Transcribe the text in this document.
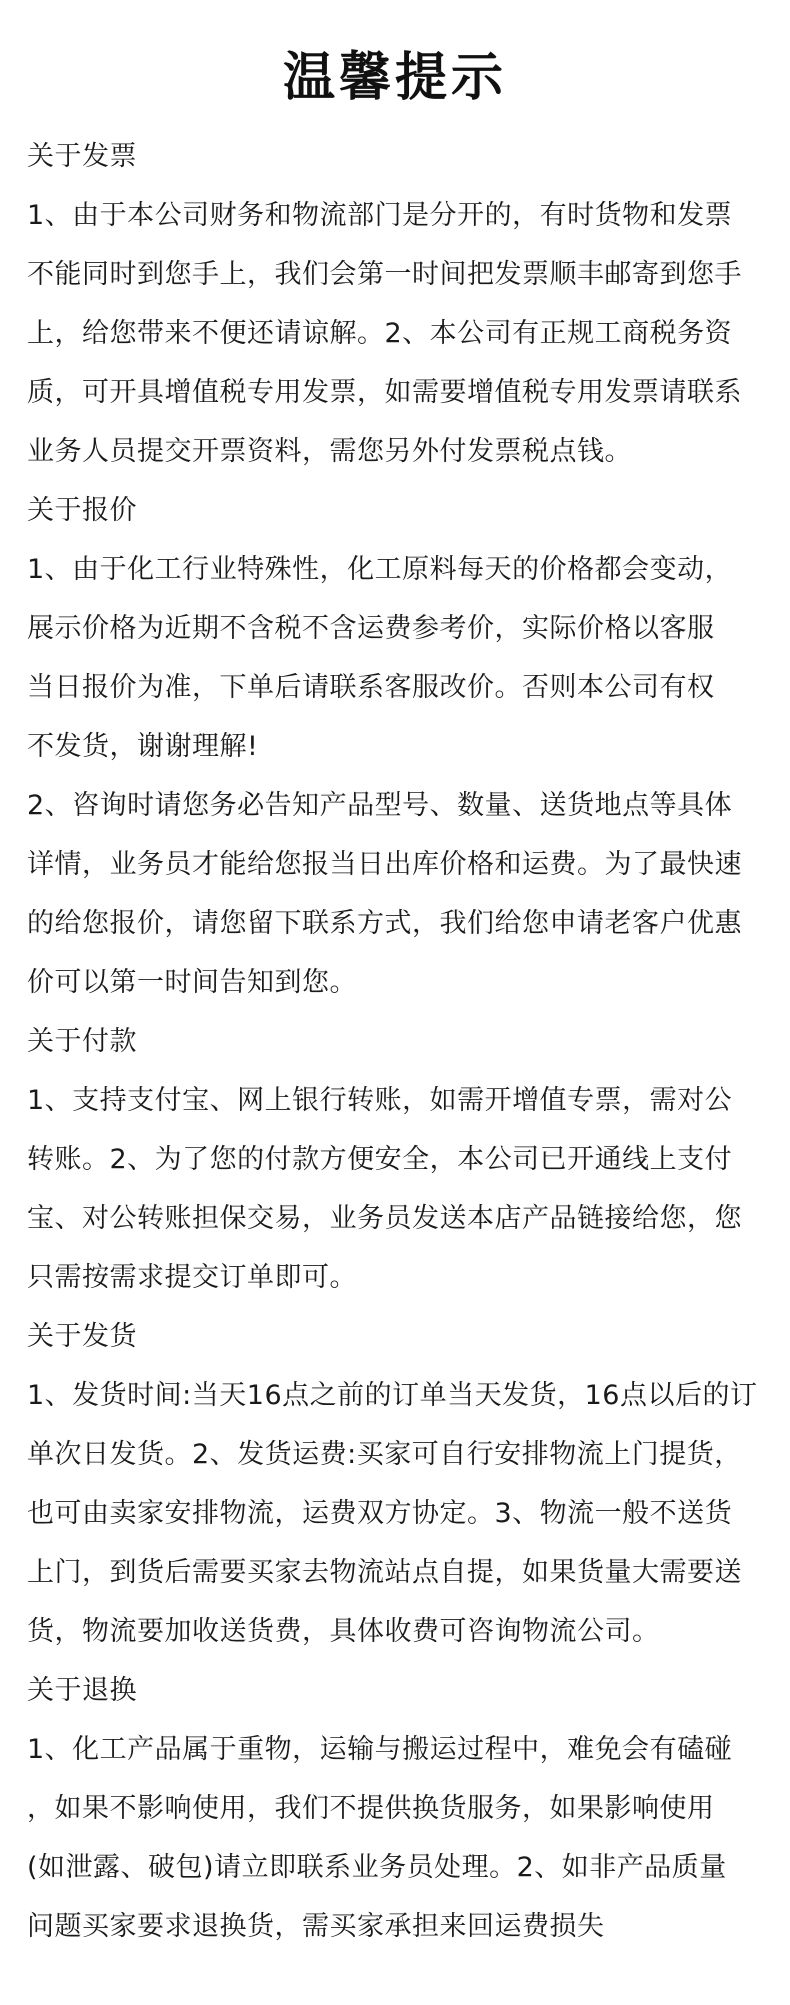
温馨提示
关于发票
1、由于本公司财务和物流部门是分开的，有时货物和发票
不能同时到您手上，我们会第一时间把发票顺丰邮寄到您手
上，给您带来不便还请谅解。2、本公司有正规工商税务资
质，可开具增值税专用发票，如需要增值税专用发票请联系
业务人员提交开票资料，需您另外付发票税点钱。
关于报价
1、由于化工行业特殊性，化工原料每天的价格都会变动，
展示价格为近期不含税不含运费参考价，实际价格以客服
当日报价为准，下单后请联系客服改价。否则本公司有权
不发货，谢谢理解!
2、咨询时请您务必告知产品型号、数量、送货地点等具体
详情，业务员才能给您报当日出库价格和运费。为了最快速
的给您报价，请您留下联系方式，我们给您申请老客户优惠
价可以第一时间告知到您。
关于付款
1、支持支付宝、网上银行转账，如需开增值专票，需对公
转账。2、为了您的付款方便安全，本公司已开通线上支付
宝、对公转账担保交易，业务员发送本店产品链接给您，您
只需按需求提交订单即可。
关于发货
1、发货时间:当天16点之前的订单当天发货，16点以后的订
单次日发货。2、发货运费:买家可自行安排物流上门提货，
也可由卖家安排物流，运费双方协定。3、物流一般不送货
上门，到货后需要买家去物流站点自提，如果货量大需要送
货，物流要加收送货费，具体收费可咨询物流公司。
关于退换
1、化工产品属于重物，运输与搬运过程中，难免会有磕碰
，如果不影响使用，我们不提供换货服务，如果影响使用
(如泄露、破包)请立即联系业务员处理。2、如非产品质量
问题买家要求退换货，需买家承担来回运费损失
